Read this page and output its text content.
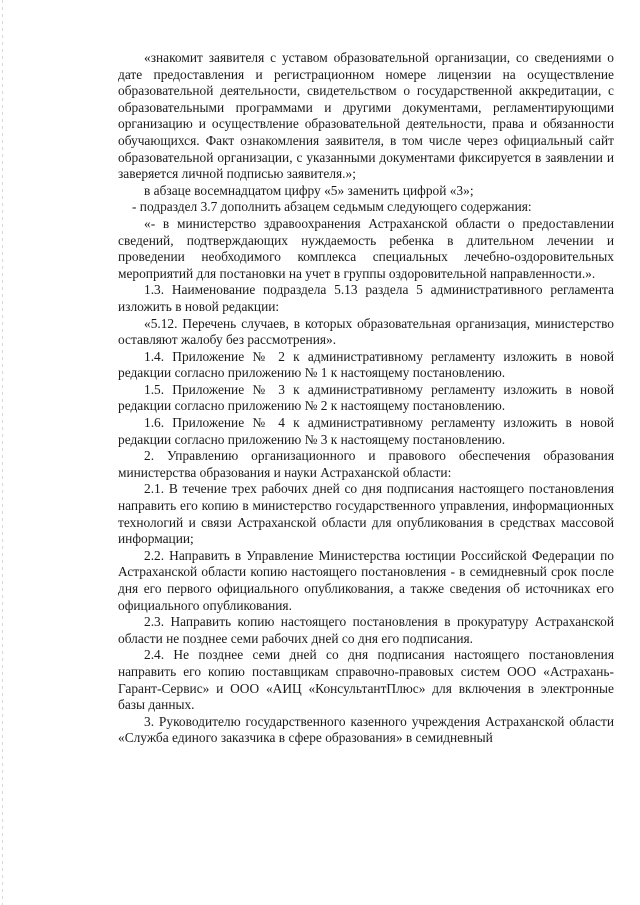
«знакомит заявителя с уставом образовательной организации, со сведениями о дате предоставления и регистрационном номере лицензии на осуществление образовательной деятельности, свидетельством о государственной аккредитации, с образовательными программами и другими документами, регламентирующими организацию и осуществление образовательной деятельности, права и обязанности обучающихся. Факт ознакомления заявителя, в том числе через официальный сайт образовательной организации, с указанными документами фиксируется в заявлении и заверяется личной подписью заявителя.»;

в абзаце восемнадцатом цифру «5» заменить цифрой «3»;

- подраздел 3.7 дополнить абзацем седьмым следующего содержания:

«- в министерство здравоохранения Астраханской области о предоставлении сведений, подтверждающих нуждаемость ребенка в длительном лечении и проведении необходимого комплекса специальных лечебно-оздоровительных мероприятий для постановки на учет в группы оздоровительной направленности.».

1.3. Наименование подраздела 5.13 раздела 5 административного регламента изложить в новой редакции:

«5.12. Перечень случаев, в которых образовательная организация, министерство оставляют жалобу без рассмотрения».

1.4. Приложение № 2 к административному регламенту изложить в новой редакции согласно приложению № 1 к настоящему постановлению.

1.5. Приложение № 3 к административному регламенту изложить в новой редакции согласно приложению № 2 к настоящему постановлению.

1.6. Приложение № 4 к административному регламенту изложить в новой редакции согласно приложению № 3 к настоящему постановлению.

2. Управлению организационного и правового обеспечения образования министерства образования и науки Астраханской области:

2.1. В течение трех рабочих дней со дня подписания настоящего постановления направить его копию в министерство государственного управления, информационных технологий и связи Астраханской области для опубликования в средствах массовой информации;

2.2. Направить в Управление Министерства юстиции Российской Федерации по Астраханской области копию настоящего постановления - в семидневный срок после дня его первого официального опубликования, а также сведения об источниках его официального опубликования.

2.3. Направить копию настоящего постановления в прокуратуру Астраханской области не позднее семи рабочих дней со дня его подписания.

2.4. Не позднее семи дней со дня подписания настоящего постановления направить его копию поставщикам справочно-правовых систем ООО «Астрахань-Гарант-Сервис» и ООО «АИЦ «КонсультантПлюс» для включения в электронные базы данных.

3. Руководителю государственного казенного учреждения Астраханской области «Служба единого заказчика в сфере образования» в семидневный
